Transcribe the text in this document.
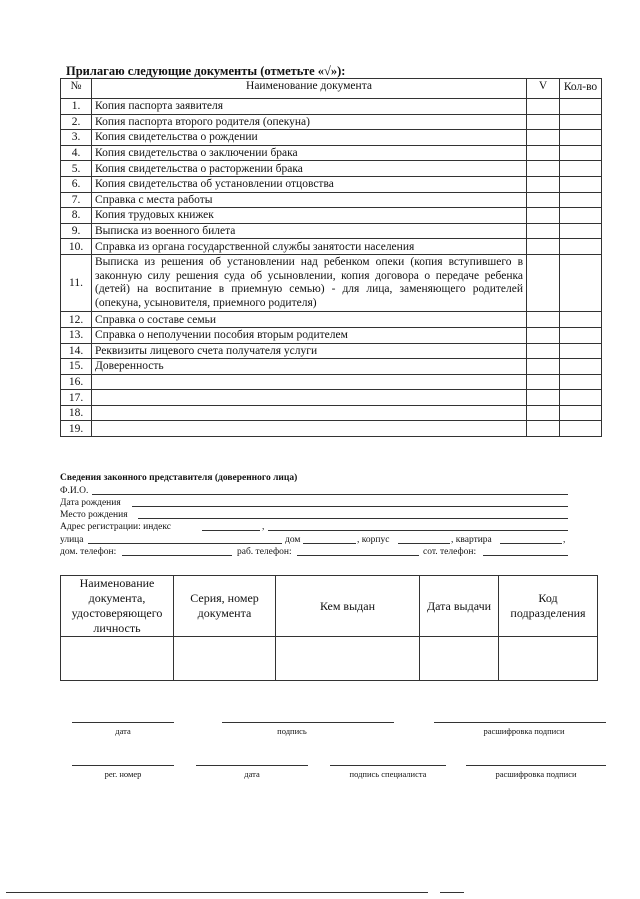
Прилагаю следующие документы (отметьте «√»):
№	Наименование документа	V	Кол-во
1.	Копия паспорта заявителя		
2.	Копия паспорта второго родителя (опекуна)		
3.	Копия свидетельства о рождении		
4.	Копия свидетельства о заключении брака		
5.	Копия свидетельства о расторжении брака		
6.	Копия свидетельства об установлении отцовства		
7.	Справка с места работы		
8.	Копия трудовых книжек		
9.	Выписка из военного билета		
10.	Справка из органа государственной службы занятости населения		
11.	Выписка из решения об установлении над ребенком опеки (копия вступившего в законную силу решения суда об усыновлении, копия договора о передаче ребенка (детей) на воспитание в приемную семью) - для лица, заменяющего родителей (опекуна, усыновителя, приемного родителя)		
12.	Справка о составе семьи		
13.	Справка о неполучении пособия вторым родителем		
14.	Реквизиты лицевого счета получателя услуги		
15.	Доверенность		
16.			
17.			
18.			
19.			
Сведения законного представителя (доверенного лица)
Ф.И.О.
Дата рождения
Место рождения
Адрес регистрации: индекс	,
улица	дом	, корпус	, квартира	,
дом. телефон:	раб. телефон:	сот. телефон:
Наименование документа, удостоверяющего личность	Серия, номер документа	Кем выдан	Дата выдачи	Код подразделения

дата	подпись	расшифровка подписи
рег. номер	дата	подпись специалиста	расшифровка подписи
